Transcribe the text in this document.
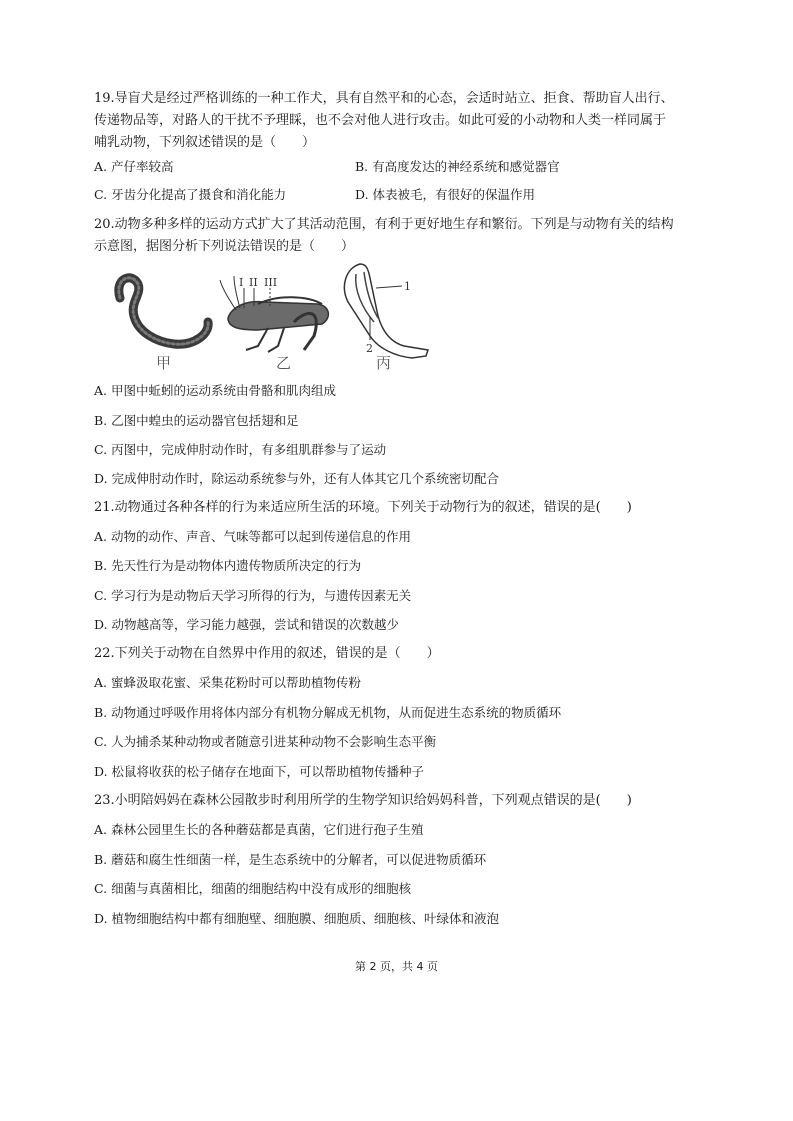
19.导盲犬是经过严格训练的一种工作犬，具有自然平和的心态，会适时站立、拒食、帮助盲人出行、
传递物品等，对路人的干扰不予理睬，也不会对他人进行攻击。如此可爱的小动物和人类一样同属于
哺乳动物，下列叙述错误的是（　　）
A. 产仔率较高	B. 有高度发达的神经系统和感觉器官
C. 牙齿分化提高了摄食和消化能力	D. 体表被毛，有很好的保温作用
20.动物多种多样的运动方式扩大了其活动范围，有利于更好地生存和繁衍。下列是与动物有关的结构
示意图，据图分析下列说法错误的是（　　）
甲
I II III
乙
1
2
丙
A. 甲图中蚯蚓的运动系统由骨骼和肌肉组成
B. 乙图中蝗虫的运动器官包括翅和足
C. 丙图中，完成伸肘动作时，有多组肌群参与了运动
D. 完成伸肘动作时，除运动系统参与外，还有人体其它几个系统密切配合
21.动物通过各种各样的行为来适应所生活的环境。下列关于动物行为的叙述，错误的是(　　)
A. 动物的动作、声音、气味等都可以起到传递信息的作用
B. 先天性行为是动物体内遗传物质所决定的行为
C. 学习行为是动物后天学习所得的行为，与遗传因素无关
D. 动物越高等，学习能力越强，尝试和错误的次数越少
22.下列关于动物在自然界中作用的叙述，错误的是（　　）
A. 蜜蜂汲取花蜜、采集花粉时可以帮助植物传粉
B. 动物通过呼吸作用将体内部分有机物分解成无机物，从而促进生态系统的物质循环
C. 人为捕杀某种动物或者随意引进某种动物不会影响生态平衡
D. 松鼠将收获的松子储存在地面下，可以帮助植物传播种子
23.小明陪妈妈在森林公园散步时利用所学的生物学知识给妈妈科普，下列观点错误的是(　　)
A. 森林公园里生长的各种蘑菇都是真菌，它们进行孢子生殖
B. 蘑菇和腐生性细菌一样，是生态系统中的分解者，可以促进物质循环
C. 细菌与真菌相比，细菌的细胞结构中没有成形的细胞核
D. 植物细胞结构中都有细胞壁、细胞膜、细胞质、细胞核、叶绿体和液泡
第 2 页，共 4 页
